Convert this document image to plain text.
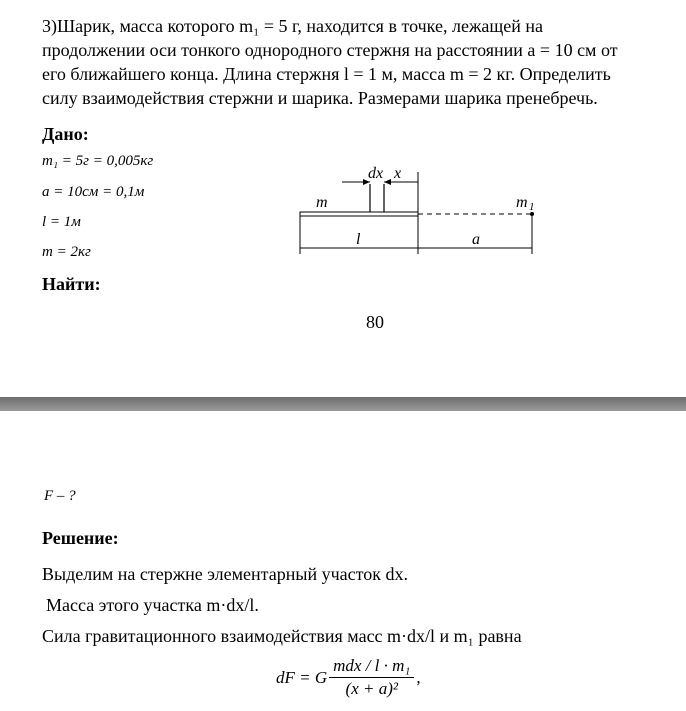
3)Шарик, масса которого m₁ = 5 г, находится в точке, лежащей на
продолжении оси тонкого однородного стержня на расстоянии a = 10 см от
его ближайшего конца. Длина стержня l = 1 м, масса m = 2 кг. Определить
силу взаимодействия стержни и шарика. Размерами шарика пренебречь.
Дано:
m₁ = 5г = 0,005кг
a = 10см = 0,1м
l = 1м
m = 2кг
dx x
m	m 1
l	a
Найти:
80
F – ?
Решение:
Выделим на стержне элементарный участок dx.
Масса этого участка m·dx/l.
Сила гравитационного взаимодействия масс m·dx/l и m₁ равна
dF = G $\frac{\text{mdx / l · m₁}}{\text{(x + a)²}}$ ,
